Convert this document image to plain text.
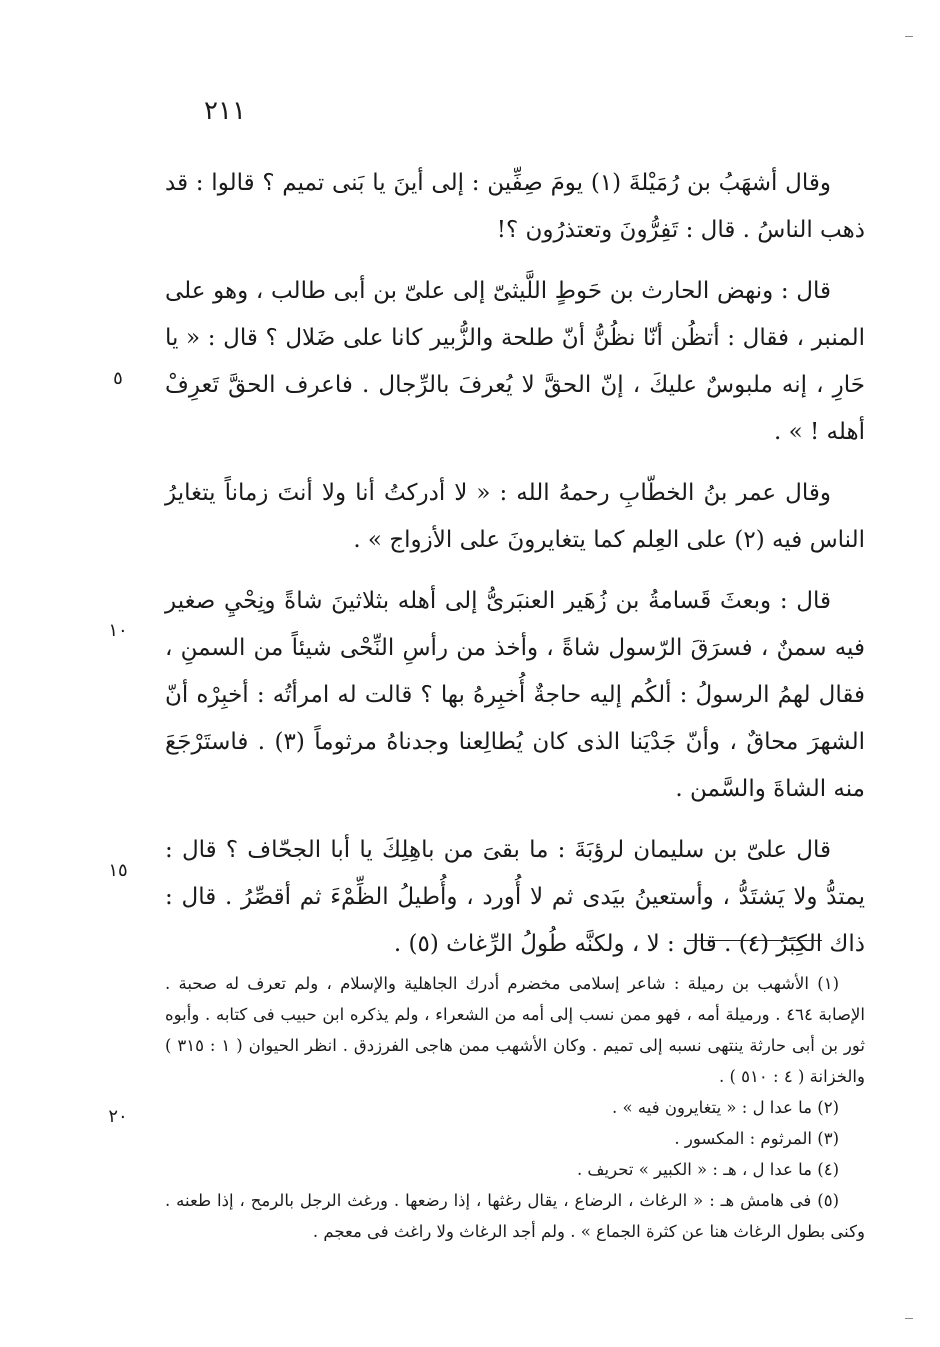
٢١١
٥
١٠
١٥
٢٠

وقال أشهَبُ بن رُمَيْلةَ (١) يومَ صِفِّين : إلى أينَ يا بَنى تميم ؟ قالوا : قد ذهب الناسُ . قال : تَفِرُّونَ وتعتذرُون ؟!

قال : ونهض الحارث بن حَوطٍ اللَّيثىّ إلى علىّ بن أبى طالب ، وهو على المنبر ، فقال : أتظُن أنّا نظُنُّ أنّ طلحة والزُّبير كانا على ضَلال ؟ قال : « يا حَارِ ، إنه ملبوسٌ عليكَ ، إنّ الحقَّ لا يُعرفَ بالرِّجال . فاعرف الحقَّ تَعرِفْ أهله ! » .

وقال عمر بنُ الخطّابِ رحمهُ الله : « لا أدركتُ أنا ولا أنتَ زماناً يتغايرُ الناس فيه (٢) على العِلم كما يتغايرونَ على الأزواج » .

قال : وبعثَ قَسامةُ بن زُهَير العنبَرىُّ إلى أهله بثلاثينَ شاةً ونِحْيِ صغير فيه سمنٌ ، فسرَقَ الرّسول شاةً ، وأخذ من رأسِ النِّحْى شيئاً من السمنِ ، فقال لهمُ الرسولُ : ألكُم إليه حاجةٌ أُخبِرهُ بها ؟ قالت له امرأتُه : أخبِرْه أنّ الشهرَ محاقٌ ، وأنّ جَدْيَنا الذى كان يُطالِعنا وجدناهُ مرثوماً (٣) . فاستَرْجَعَ منه الشاةَ والسَّمن .

قال علىّ بن سليمان لرؤبَةَ : ما بقىَ من باهِلِكَ يا أبا الجحّاف ؟ قال : يمتدُّ ولا يَشتَدُّ ، وأستعينُ بيَدى ثم لا أُورد ، وأُطيلُ الظِّمْءَ ثم أقصِّرُ . قال : ذاك الكِبَرُ (٤) . قال : لا ، ولكنَّه طُولُ الرِّغاث (٥) .

(١) الأشهب بن رميلة : شاعر إسلامى مخضرم أدرك الجاهلية والإسلام ، ولم تعرف له صحبة . الإصابة ٤٦٤ . ورميلة أمه ، فهو ممن نسب إلى أمه من الشعراء ، ولم يذكره ابن حبيب فى كتابه . وأبوه ثور بن أبى حارثة ينتهى نسبه إلى تميم . وكان الأشهب ممن هاجى الفرزدق . انظر الحيوان ( ١ : ٣١٥ ) والخزانة ( ٤ : ٥١٠ ) .

(٢) ما عدا ل : « يتغايرون فيه » .

(٣) المرثوم : المكسور .

(٤) ما عدا ل ، هـ : « الكبير » تحريف .

(٥) فى هامش هـ : « الرغاث ، الرضاع ، يقال رغثها ، إذا رضعها . ورغث الرجل بالرمح ، إذا طعنه . وكنى بطول الرغاث هنا عن كثرة الجماع » . ولم أجد الرغاث ولا راغث فى معجم .
